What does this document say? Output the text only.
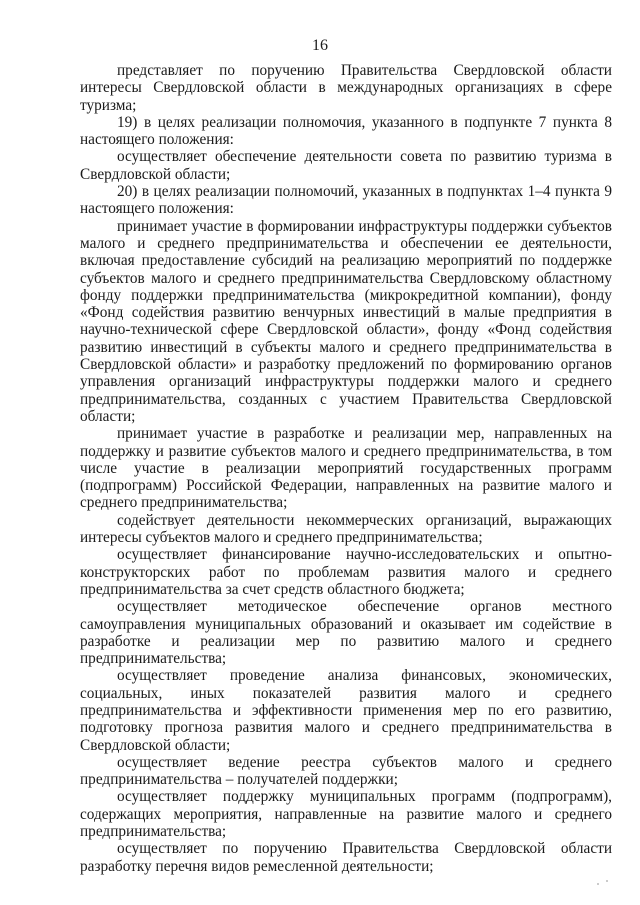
16

представляет по поручению Правительства Свердловской области интересы Свердловской области в международных организациях в сфере туризма;

19) в целях реализации полномочия, указанного в подпункте 7 пункта 8 настоящего положения:

осуществляет обеспечение деятельности совета по развитию туризма в Свердловской области;

20) в целях реализации полномочий, указанных в подпунктах 1–4 пункта 9 настоящего положения:

принимает участие в формировании инфраструктуры поддержки субъектов малого и среднего предпринимательства и обеспечении ее деятельности, включая предоставление субсидий на реализацию мероприятий по поддержке субъектов малого и среднего предпринимательства Свердловскому областному фонду поддержки предпринимательства (микрокредитной компании), фонду «Фонд содействия развитию венчурных инвестиций в малые предприятия в научно-технической сфере Свердловской области», фонду «Фонд содействия развитию инвестиций в субъекты малого и среднего предпринимательства в Свердловской области» и разработку предложений по формированию органов управления организаций инфраструктуры поддержки малого и среднего предпринимательства, созданных с участием Правительства Свердловской области;

принимает участие в разработке и реализации мер, направленных на поддержку и развитие субъектов малого и среднего предпринимательства, в том числе участие в реализации мероприятий государственных программ (подпрограмм) Российской Федерации, направленных на развитие малого и среднего предпринимательства;

содействует деятельности некоммерческих организаций, выражающих интересы субъектов малого и среднего предпринимательства;

осуществляет финансирование научно-исследовательских и опытно-конструкторских работ по проблемам развития малого и среднего предпринимательства за счет средств областного бюджета;

осуществляет методическое обеспечение органов местного самоуправления муниципальных образований и оказывает им содействие в разработке и реализации мер по развитию малого и среднего предпринимательства;

осуществляет проведение анализа финансовых, экономических, социальных, иных показателей развития малого и среднего предпринимательства и эффективности применения мер по его развитию, подготовку прогноза развития малого и среднего предпринимательства в Свердловской области;

осуществляет ведение реестра субъектов малого и среднего предпринимательства – получателей поддержки;

осуществляет поддержку муниципальных программ (подпрограмм), содержащих мероприятия, направленные на развитие малого и среднего предпринимательства;

осуществляет по поручению Правительства Свердловской области разработку перечня видов ремесленной деятельности;
